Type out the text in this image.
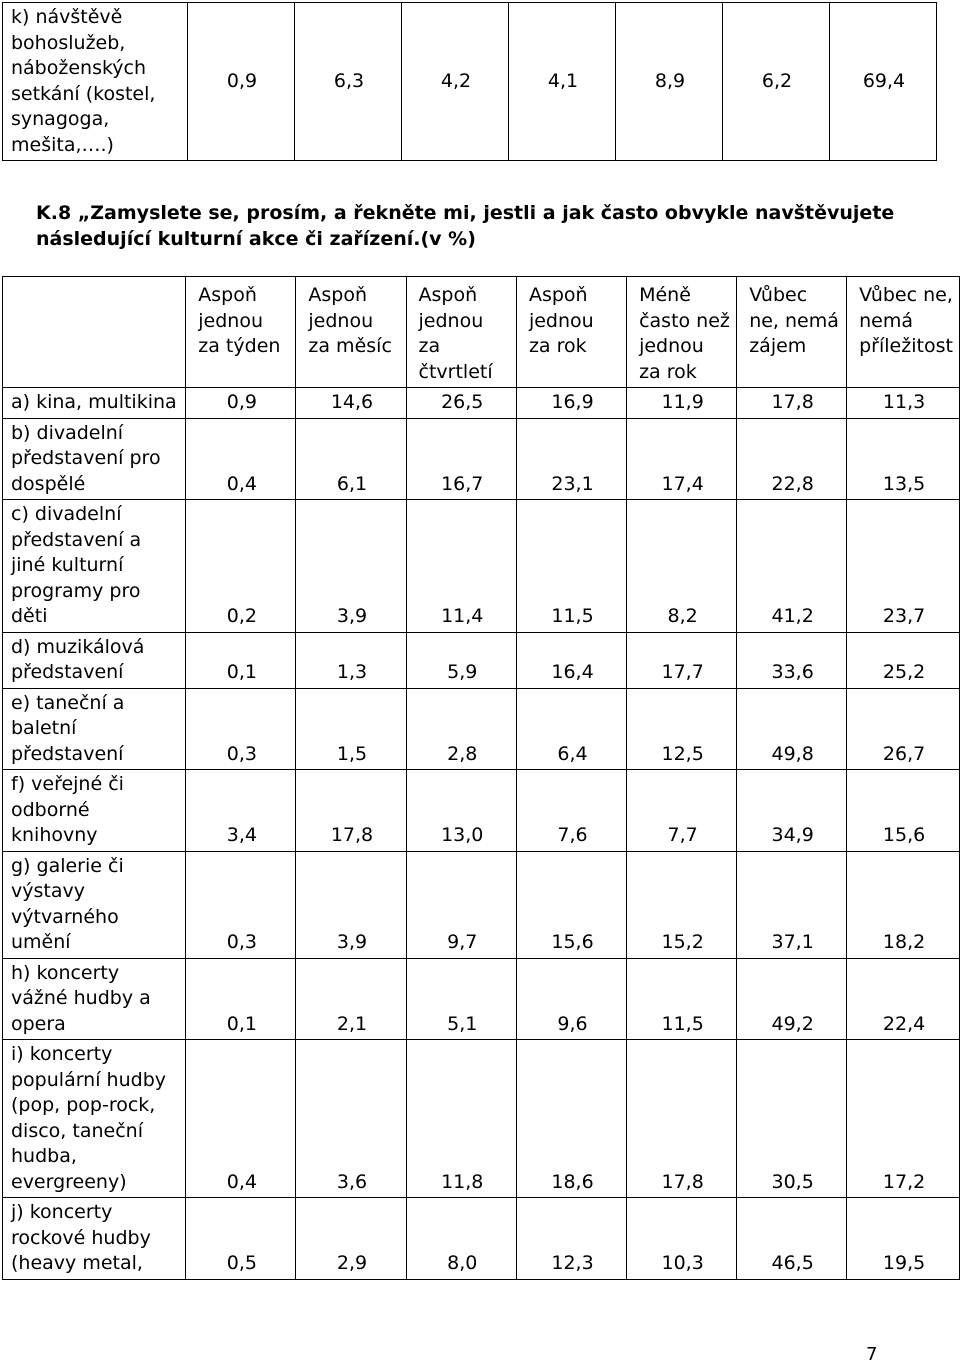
k) návštěvě bohoslužeb, náboženských setkání (kostel, synagoga, mešita,….)	0,9	6,3	4,2	4,1	8,9	6,2	69,4
K.8 „Zamyslete se, prosím, a řekněte mi, jestli a jak často obvykle navštěvujete následující kulturní akce či zařízení.(v %)
	Aspoň jednou za týden	Aspoň jednou za měsíc	Aspoň jednou za čtvrtletí	Aspoň jednou za rok	Méně často než jednou za rok	Vůbec ne, nemá zájem	Vůbec ne, nemá příležitost
a) kina, multikina	0,9	14,6	26,5	16,9	11,9	17,8	11,3
b) divadelní představení pro dospělé	0,4	6,1	16,7	23,1	17,4	22,8	13,5
c) divadelní představení a jiné kulturní programy pro děti	0,2	3,9	11,4	11,5	8,2	41,2	23,7
d) muzikálová představení	0,1	1,3	5,9	16,4	17,7	33,6	25,2
e) taneční a baletní představení	0,3	1,5	2,8	6,4	12,5	49,8	26,7
f) veřejné či odborné knihovny	3,4	17,8	13,0	7,6	7,7	34,9	15,6
g) galerie či výstavy výtvarného umění	0,3	3,9	9,7	15,6	15,2	37,1	18,2
h) koncerty vážné hudby a opera	0,1	2,1	5,1	9,6	11,5	49,2	22,4
i) koncerty populární hudby (pop, pop-rock, disco, taneční hudba, evergreeny)	0,4	3,6	11,8	18,6	17,8	30,5	17,2
j) koncerty rockové hudby (heavy metal,	0,5	2,9	8,0	12,3	10,3	46,5	19,5
7
